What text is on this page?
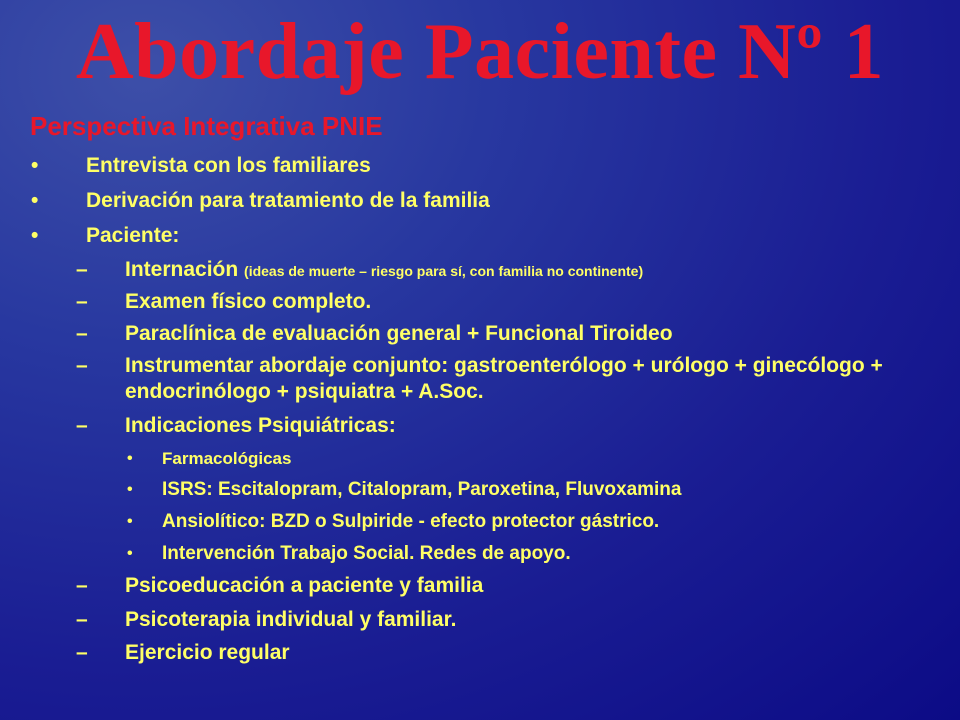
Abordaje Paciente Nº 1
Perspectiva Integrativa PNIE
• Entrevista con los familiares
• Derivación para tratamiento de la familia
• Paciente:
– Internación (ideas de muerte – riesgo para sí, con familia no continente)
– Examen físico completo.
– Paraclínica de evaluación general + Funcional Tiroideo
– Instrumentar abordaje conjunto: gastroenterólogo + urólogo + ginecólogo + endocrinólogo + psiquiatra + A.Soc.
– Indicaciones Psiquiátricas:
• Farmacológicas
• ISRS: Escitalopram, Citalopram, Paroxetina, Fluvoxamina
• Ansiolítico: BZD o Sulpiride - efecto protector gástrico.
• Intervención Trabajo Social. Redes de apoyo.
– Psicoeducación a paciente y familia
– Psicoterapia individual y familiar.
– Ejercicio regular
